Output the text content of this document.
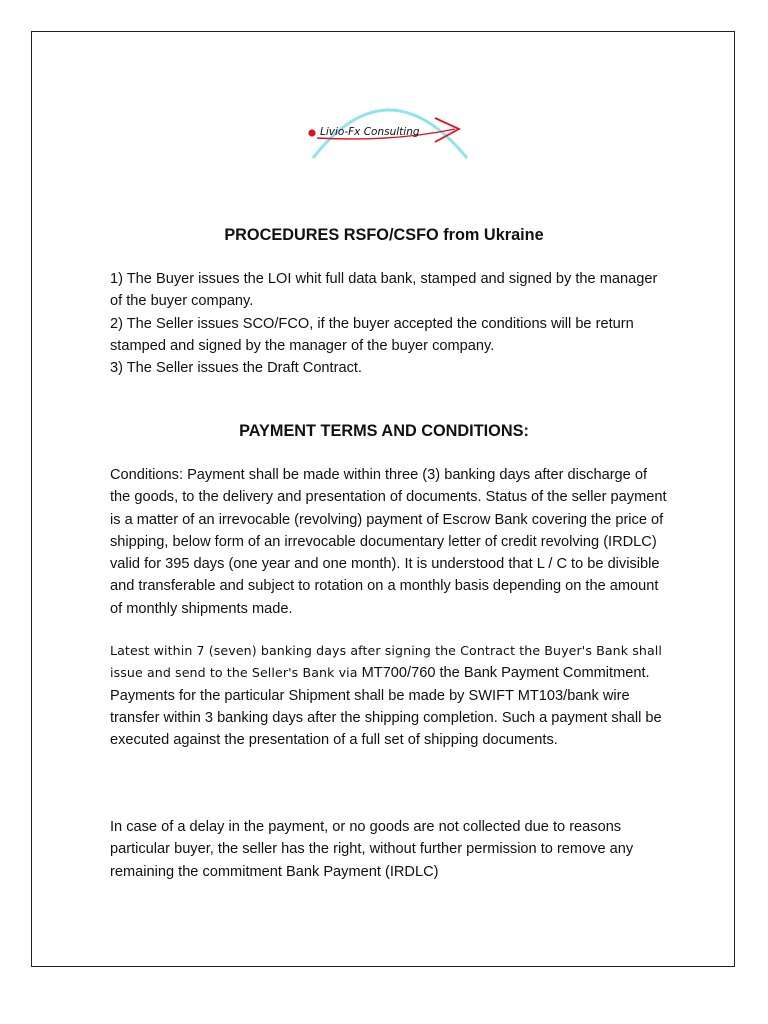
Livio-Fx Consulting
PROCEDURES RSFO/CSFO from Ukraine

1) The Buyer issues the LOI whit full data bank, stamped and signed by the manager of the buyer company.

2) The Seller issues SCO/FCO, if the buyer accepted the conditions will be return stamped and signed by the manager of the buyer company.

3) The Seller issues the Draft Contract.

PAYMENT TERMS AND CONDITIONS:

Conditions: Payment shall be made within three (3) banking days after discharge of the goods, to the delivery and presentation of documents. Status of the seller payment is a matter of an irrevocable (revolving) payment of Escrow Bank covering the price of shipping, below form of an irrevocable documentary letter of credit revolving (IRDLC) valid for 395 days (one year and one month). It is understood that L / C to be divisible and transferable and subject to rotation on a monthly basis depending on the amount of monthly shipments made.

Latest within 7 (seven) banking days after signing the Contract the Buyer's Bank shall issue and send to the Seller's Bank via MT700/760 the Bank Payment Commitment.

Payments for the particular Shipment shall be made by SWIFT MT103/bank wire transfer within 3 banking days after the shipping completion. Such a payment shall be executed against the presentation of a full set of shipping documents.

In case of a delay in the payment, or no goods are not collected due to reasons particular buyer, the seller has the right, without further permission to remove any remaining the commitment Bank Payment (IRDLC)
